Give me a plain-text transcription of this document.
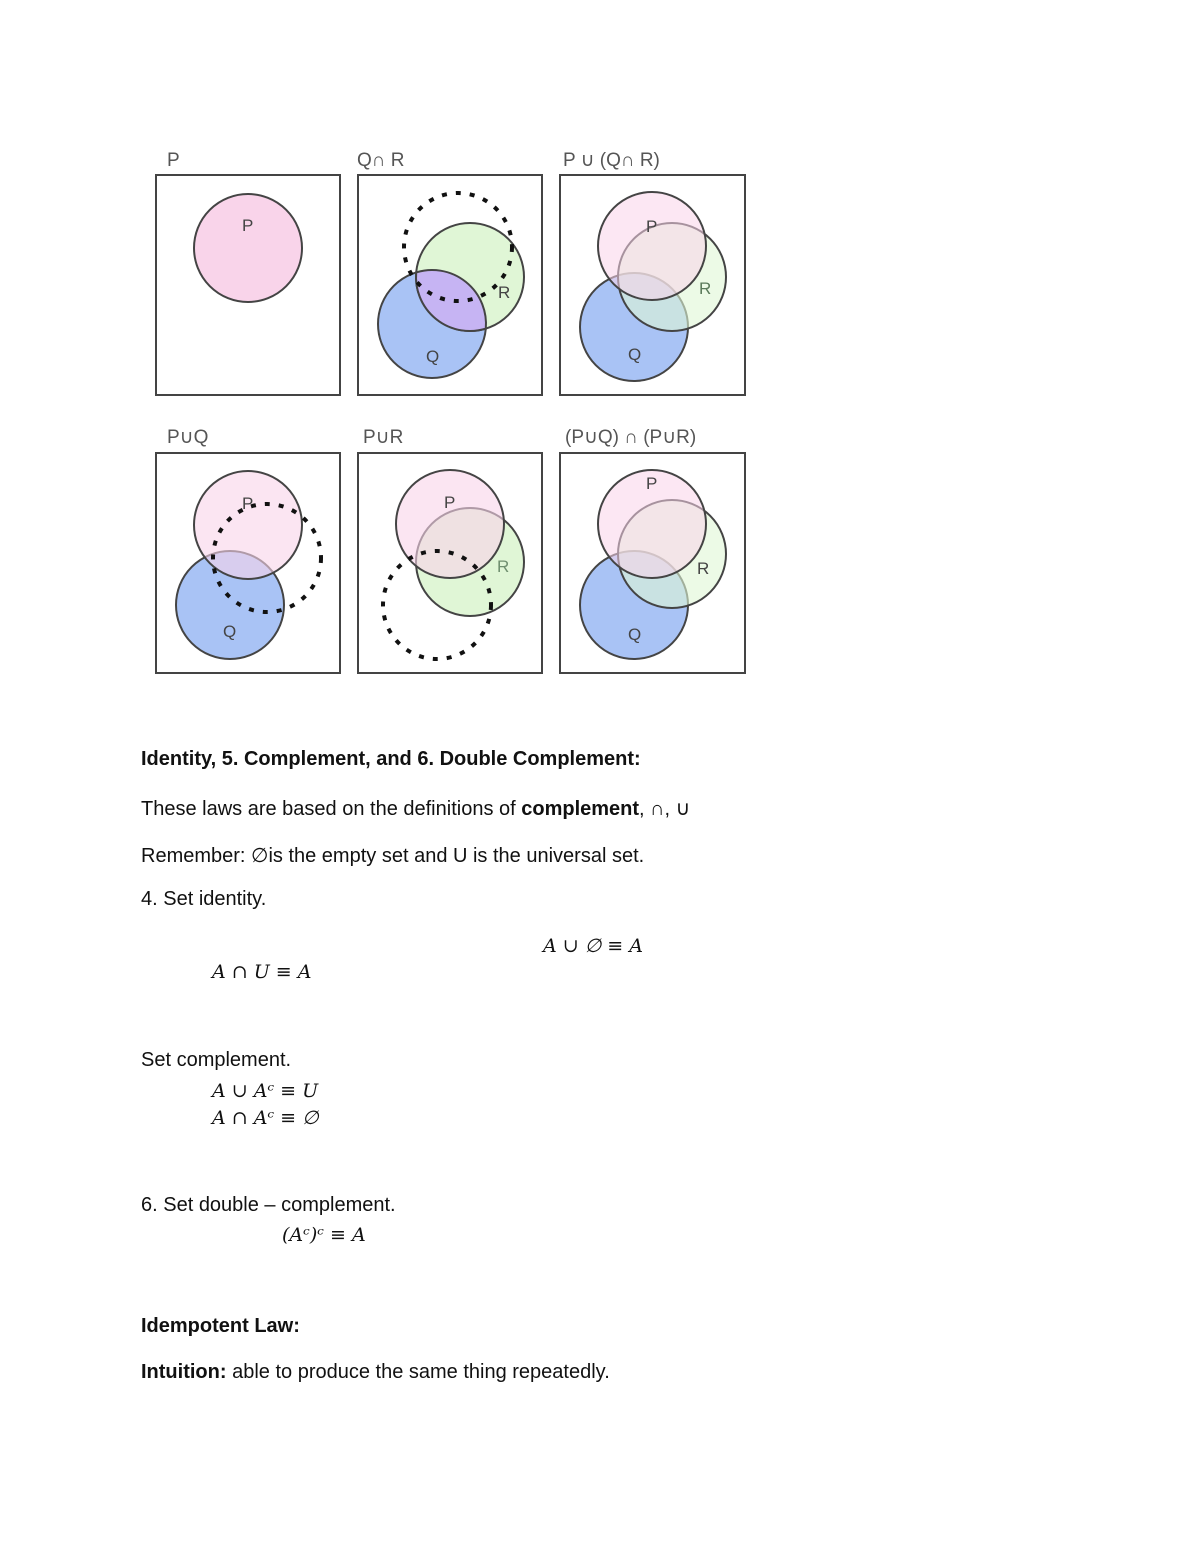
P
P
Q∩ R
Q
R
P ∪ (Q∩ R)
P
Q
R
P∪Q
P
Q
P∪R
P
R
(P∪Q) ∩ (P∪R)
P
Q
R
Identity, 5. Complement, and 6. Double Complement:
These laws are based on the definitions of complement, ∩, ∪
Remember: ∅is the empty set and U is the universal set.
4. Set identity.
A ∪ ∅ ≡ A
A ∩ U ≡ A
Set complement.
A ∪ Aᶜ ≡ U
A ∩ Aᶜ ≡ ∅
6. Set double – complement.
(Aᶜ)ᶜ ≡ A
Idempotent Law:
Intuition: able to produce the same thing repeatedly.
